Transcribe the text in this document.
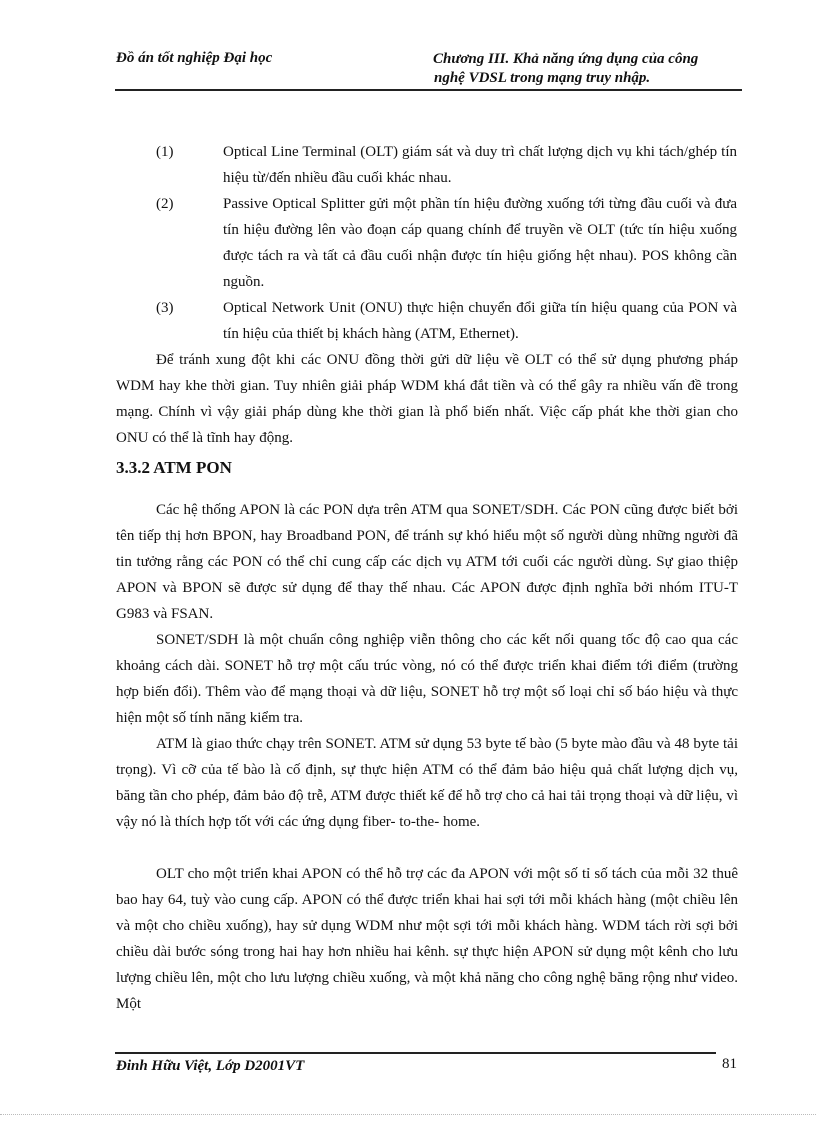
Đồ án tốt nghiệp Đại học	Chương III. Khả năng ứng dụng của công
nghệ VDSL trong mạng truy nhập.
(1)	Optical Line Terminal (OLT) giám sát và duy trì chất lượng dịch vụ khi tách/ghép tín hiệu từ/đến nhiều đầu cuối khác nhau.
(2)	Passive Optical Splitter gửi một phần tín hiệu đường xuống tới từng đầu cuối và đưa tín hiệu đường lên vào đoạn cáp quang chính để truyền về OLT (tức tín hiệu xuống được tách ra và tất cả đầu cuối nhận được tín hiệu giống hệt nhau). POS không cần nguồn.
(3)	Optical Network Unit (ONU) thực hiện chuyển đổi giữa tín hiệu quang của PON và tín hiệu của thiết bị khách hàng (ATM, Ethernet).
Để tránh xung đột khi các ONU đồng thời gửi dữ liệu về OLT có thể sử dụng phương pháp WDM hay khe thời gian. Tuy nhiên giải pháp WDM khá đắt tiền và có thể gây ra nhiều vấn đề trong mạng. Chính vì vậy giải pháp dùng khe thời gian là phổ biến nhất. Việc cấp phát khe thời gian cho ONU có thể là tĩnh hay động.
3.3.2 ATM PON
Các hệ thống APON là các PON dựa trên ATM qua SONET/SDH. Các PON cũng được biết bởi tên tiếp thị hơn BPON, hay Broadband PON, để tránh sự khó hiểu một số người dùng những người đã tin tưởng rằng các PON có thể chỉ cung cấp các dịch vụ ATM tới cuối các người dùng. Sự giao thiệp APON và BPON sẽ được sử dụng để thay thế nhau. Các APON được định nghĩa bởi nhóm ITU-T G983 và FSAN.
SONET/SDH là một chuẩn công nghiệp viễn thông cho các kết nối quang tốc độ cao qua các khoảng cách dài. SONET hỗ trợ một cấu trúc vòng, nó có thể được triển khai điểm tới điểm (trường hợp biến đổi). Thêm vào để mạng thoại và dữ liệu, SONET hỗ trợ một số loại chỉ số báo hiệu và thực hiện một số tính năng kiểm tra.
ATM là giao thức chạy trên SONET. ATM sử dụng 53 byte tế bào (5 byte mào đầu và 48 byte tải trọng). Vì cỡ của tế bào là cố định, sự thực hiện ATM có thể đảm bảo hiệu quả chất lượng dịch vụ, băng tần cho phép, đảm bảo độ trễ, ATM được thiết kế để hỗ trợ cho cả hai tải trọng thoại và dữ liệu, vì vậy nó là thích hợp tốt với các ứng dụng fiber- to-the- home.
OLT cho một triển khai APON có thể hỗ trợ các đa APON với một số tỉ số tách của mỗi 32 thuê bao hay 64, tuỳ vào cung cấp. APON có thể được triển khai hai sợi tới mỗi khách hàng (một chiều lên và một cho chiều xuống), hay sử dụng WDM như một sợi tới mỗi khách hàng. WDM tách rời sợi bởi chiều dài bước sóng trong hai hay hơn nhiều hai kênh. sự thực hiện APON sử dụng một kênh cho lưu lượng chiều lên, một cho lưu lượng chiều xuống, và một khả năng cho công nghệ băng rộng như video. Một
Đinh Hữu Việt, Lớp D2001VT	81
